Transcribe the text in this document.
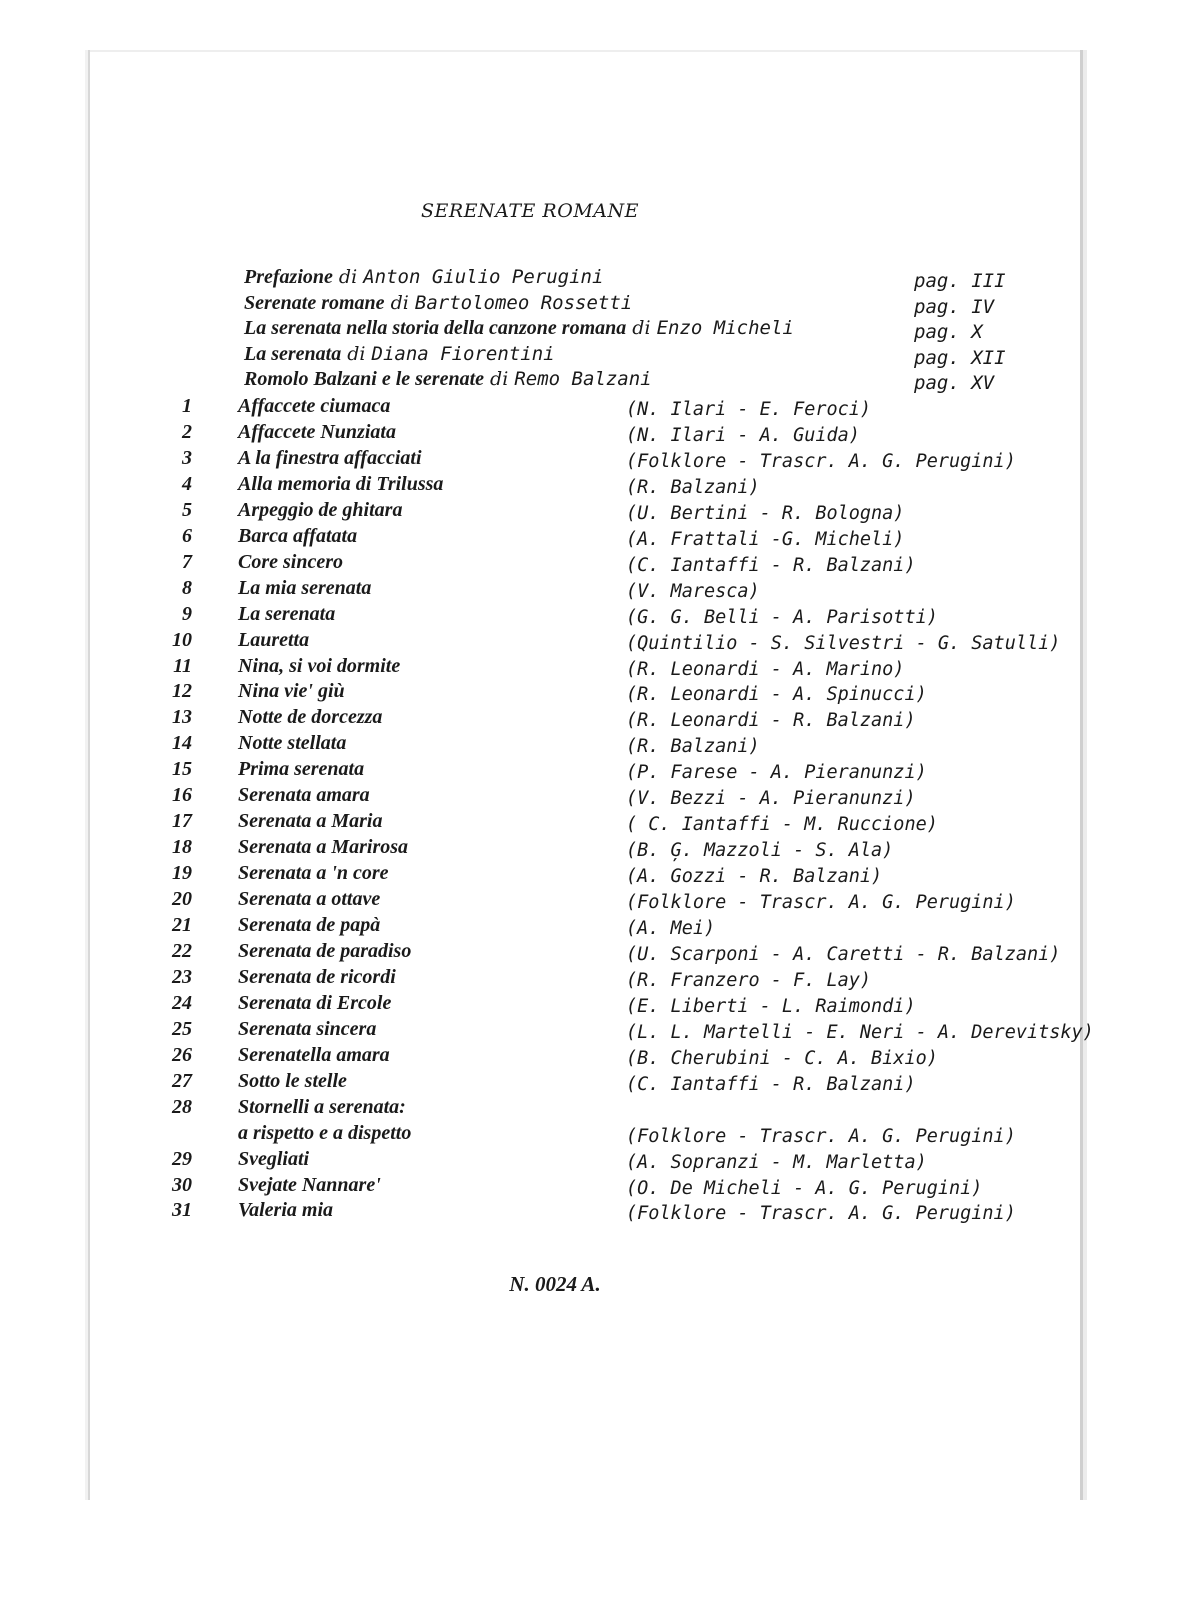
SERENATE ROMANE
Prefazione di Anton Giulio Perugini	pag. III
Serenate romane di Bartolomeo Rossetti	pag. IV
La serenata nella storia della canzone romana di Enzo Micheli	pag. X
La serenata di Diana Fiorentini	pag. XII
Romolo Balzani e le serenate di Remo Balzani	pag. XV
1 Affaccete ciumaca	(N. Ilari - E. Feroci)
2 Affaccete Nunziata	(N. Ilari - A. Guida)
3 A la finestra affacciati	(Folklore - Trascr. A. G. Perugini)
4 Alla memoria di Trilussa	(R. Balzani)
5 Arpeggio de ghitara	(U. Bertini - R. Bologna)
6 Barca affatata	(A. Frattali -G. Micheli)
7 Core sincero	(C. Iantaffi - R. Balzani)
8 La mia serenata	(V. Maresca)
9 La serenata	(G. G. Belli - A. Parisotti)
10 Lauretta	(Quintilio - S. Silvestri - G. Satulli)
11 Nina, si voi dormite	(R. Leonardi - A. Marino)
12 Nina vie' giù	(R. Leonardi - A. Spinucci)
13 Notte de dorcezza	(R. Leonardi - R. Balzani)
14 Notte stellata	(R. Balzani)
15 Prima serenata	(P. Farese - A. Pieranunzi)
16 Serenata amara	(V. Bezzi - A. Pieranunzi)
17 Serenata a Maria	( C. Iantaffi - M. Ruccione)
18 Serenata a Marirosa	(B. Ģ. Mazzoli - S. Ala)
19 Serenata a 'n core	(A. Gozzi - R. Balzani)
20 Serenata a ottave	(Folklore - Trascr. A. G. Perugini)
21 Serenata de papà	(A. Mei)
22 Serenata de paradiso	(U. Scarponi - A. Caretti - R. Balzani)
23 Serenata de ricordi	(R. Franzero - F. Lay)
24 Serenata di Ercole	(E. Liberti - L. Raimondi)
25 Serenata sincera	(L. L. Martelli - E. Neri - A. Derevitsky)
26 Serenatella amara	(B. Cherubini - C. A. Bixio)
27 Sotto le stelle	(C. Iantaffi - R. Balzani)
28 Stornelli a serenata:
a rispetto e a dispetto	(Folklore - Trascr. A. G. Perugini)
29 Svegliati	(A. Sopranzi - M. Marletta)
30 Svejate Nannare'	(O. De Micheli - A. G. Perugini)
31 Valeria mia	(Folklore - Trascr. A. G. Perugini)
N. 0024 A.
